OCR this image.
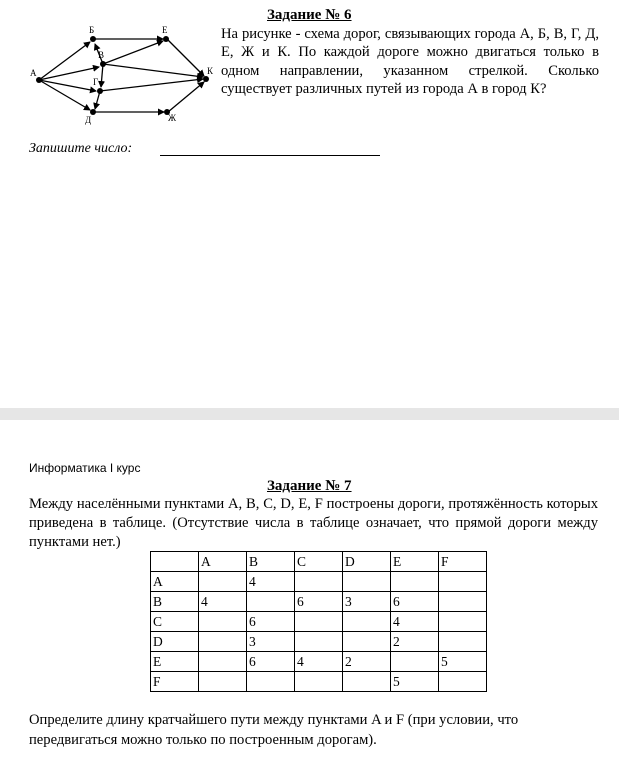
Задание № 6
А
Б
В
Г
Д
Е
Ж
К
На рисунке - схема дорог, связывающих города А, Б, В, Г, Д, Е, Ж и К. По каждой дороге можно двигаться только в одном направлении, указанном стрелкой. Сколько существует различных путей из города А в город К?
Запишите число:
Информатика I курс
Задание № 7
Между населёнными пунктами A, B, C, D, E, F построены дороги, протяжённость которых приведена в таблице. (Отсутствие числа в таблице означает, что прямой дороги между пунктами нет.)
	A	B	C	D	E	F
A		4				
B	4		6	3	6	
C		6			4	
D		3			2	
E		6	4	2		5
F					5	
Определите длину кратчайшего пути между пунктами A и F (при условии, что передвигаться можно только по построенным дорогам).
